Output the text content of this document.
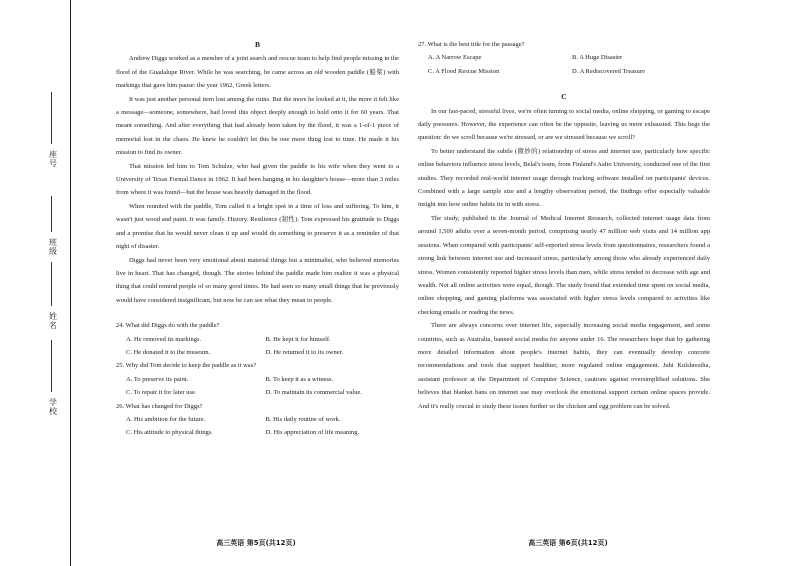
座号
班级
姓名
学校
B

Andrew Diggs worked as a member of a joint search and rescue team to help find people missing in the flood of the Guadalupe River. While he was searching, he came across an old wooden paddle (船桨) with markings that gave him pause: the year 1962, Greek letters.

It was just another personal item lost among the ruins. But the more he looked at it, the more it felt like a message—someone, somewhere, had loved this object deeply enough to hold onto it for 60 years. That meant something. And after everything that had already been taken by the flood, it was a 1-of-1 piece of memorial lost in the chaos. He knew he couldn't let this be one more thing lost to time. He made it his mission to find its owner.

That mission led him to Tom Schulze, who had given the paddle to his wife when they went to a University of Texas Formal Dance in 1962. It had been hanging in his daughter's house—more than 3 miles from where it was found—but the house was heavily damaged in the flood.

When reunited with the paddle, Tom called it a bright spot in a time of loss and suffering. To him, it wasn't just wood and paint. It was family. History. Resilience (韧性). Tom expressed his gratitude to Diggs and a promise that he would never clean it up and would do something to preserve it as a reminder of that night of disaster.

Diggs had never been very emotional about material things but a minimalist, who believed memories live in heart. That has changed, though. The stories behind the paddle made him realize it was a physical thing that could remind people of so many good times. He had seen so many small things that he previously would have considered insignificant, but now he can see what they mean to people.

24. What did Diggs do with the paddle?
A. He removed its markings.	B. He kept it for himself.
C. He donated it to the museum.	D. He returned it to its owner.
25. Why did Tom decide to keep the paddle as it was?
A. To preserve its paint.	B. To keep it as a witness.
C. To repair it for later use.	D. To maintain its commercial value.
26. What has changed for Diggs?
A. His ambition for the future.	B. His daily routine of work.
C. His attitude to physical things.	D. His appreciation of life meaning.
27. What is the best title for the passage?
A. A Narrow Escape	B. A Huge Disaster
C. A Flood Rescue Mission	D. A Rediscovered Treasure
C

In our fast-paced, stressful lives, we're often turning to social media, online shopping, or gaming to escape daily pressures. However, the experience can often be the opposite, leaving us more exhausted. This begs the question: do we scroll because we're stressed, or are we stressed because we scroll?

To better understand the subtle (微妙的) relationship of stress and internet use, particularly how specific online behaviors influence stress levels, Belal's team, from Finland's Aalto University, conducted one of the first studies. They recorded real-world internet usage through tracking software installed on participants' devices. Combined with a large sample size and a lengthy observation period, the findings offer especially valuable insight into how online habits tie in with stress.

The study, published in the Journal of Medical Internet Research, collected internet usage data from around 1,500 adults over a seven-month period, comprising nearly 47 million web visits and 14 million app sessions. When compared with participants' self-reported stress levels from questionnaires, researchers found a strong link between internet use and increased stress, particularly among those who already experienced daily stress. Women consistently reported higher stress levels than men, while stress tended to decrease with age and wealth. Not all online activities were equal, though. The study found that extended time spent on social media, online shopping, and gaming platforms was associated with higher stress levels compared to activities like checking emails or reading the news.

There are always concerns over internet life, especially increasing social media engagement, and some countries, such as Australia, banned social media for anyone under 16. The researchers hope that by gathering more detailed information about people's internet habits, they can eventually develop concrete recommendations and tools that support healthier, more regulated online engagement. Juhi Kulshrestha, assistant professor at the Department of Computer Science, cautions against oversimplified solutions. She believes that blanket bans on internet use may overlook the emotional support certain online spaces provide. And it's really crucial to study these issues further so the chicken and egg problem can be solved.

高三英语 第5页(共12页)	高三英语 第6页(共12页)
